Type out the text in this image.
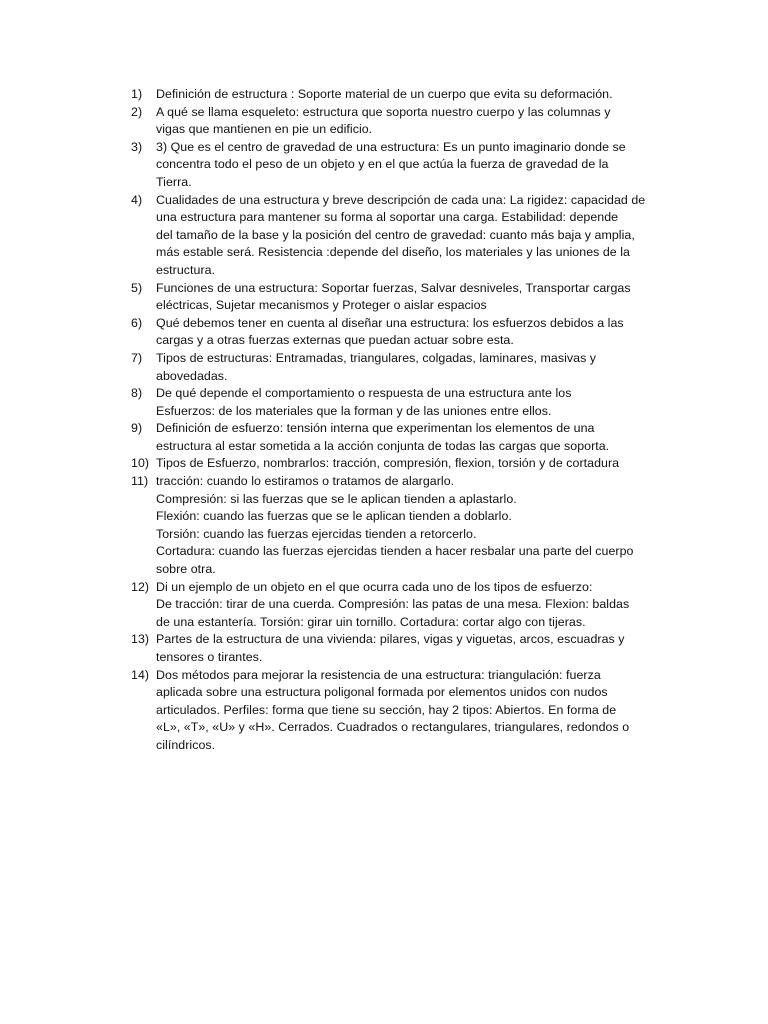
1)	Definición de estructura : Soporte material de un cuerpo que evita su deformación.
2)	A qué se llama esqueleto: estructura que soporta nuestro cuerpo y las columnas y
vigas que mantienen en pie un edificio.
3)	3) Que es el centro de gravedad de una estructura: Es un punto imaginario donde se
concentra todo el peso de un objeto y en el que actúa la fuerza de gravedad de la
Tierra.
4)	Cualidades de una estructura y breve descripción de cada una: La rigidez: capacidad de
una estructura para mantener su forma al soportar una carga. Estabilidad: depende
del tamaño de la base y la posición del centro de gravedad: cuanto más baja y amplia,
más estable será. Resistencia :depende del diseño, los materiales y las uniones de la
estructura.
5)	Funciones de una estructura: Soportar fuerzas, Salvar desniveles, Transportar cargas
eléctricas, Sujetar mecanismos y Proteger o aislar espacios
6)	Qué debemos tener en cuenta al diseñar una estructura: los esfuerzos debidos a las
cargas y a otras fuerzas externas que puedan actuar sobre esta.
7)	Tipos de estructuras: Entramadas, triangulares, colgadas, laminares, masivas y
abovedadas.
8)	De qué depende el comportamiento o respuesta de una estructura ante los
Esfuerzos: de los materiales que la forman y de las uniones entre ellos.
9)	Definición de esfuerzo: tensión interna que experimentan los elementos de una
estructura al estar sometida a la acción conjunta de todas las cargas que soporta.
10) Tipos de Esfuerzo, nombrarlos: tracción, compresión, flexion, torsión y de cortadura
11) tracción: cuando lo estiramos o tratamos de alargarlo.
Compresión: si las fuerzas que se le aplican tienden a aplastarlo.
Flexión: cuando las fuerzas que se le aplican tienden a doblarlo.
Torsión: cuando las fuerzas ejercidas tienden a retorcerlo.
Cortadura: cuando las fuerzas ejercidas tienden a hacer resbalar una parte del cuerpo
sobre otra.
12) Di un ejemplo de un objeto en el que ocurra cada uno de los tipos de esfuerzo:
De tracción: tirar de una cuerda. Compresión: las patas de una mesa. Flexion: baldas
de una estantería. Torsión: girar uin tornillo. Cortadura: cortar algo con tijeras.
13) Partes de la estructura de una vivienda: pilares, vigas y viguetas, arcos, escuadras y
tensores o tirantes.
14) Dos métodos para mejorar la resistencia de una estructura: triangulación: fuerza
aplicada sobre una estructura poligonal formada por elementos unidos con nudos
articulados. Perfiles: forma que tiene su sección, hay 2 tipos: Abiertos. En forma de
«L», «T», «U» y «H». Cerrados. Cuadrados o rectangulares, triangulares, redondos o
cilíndricos.
